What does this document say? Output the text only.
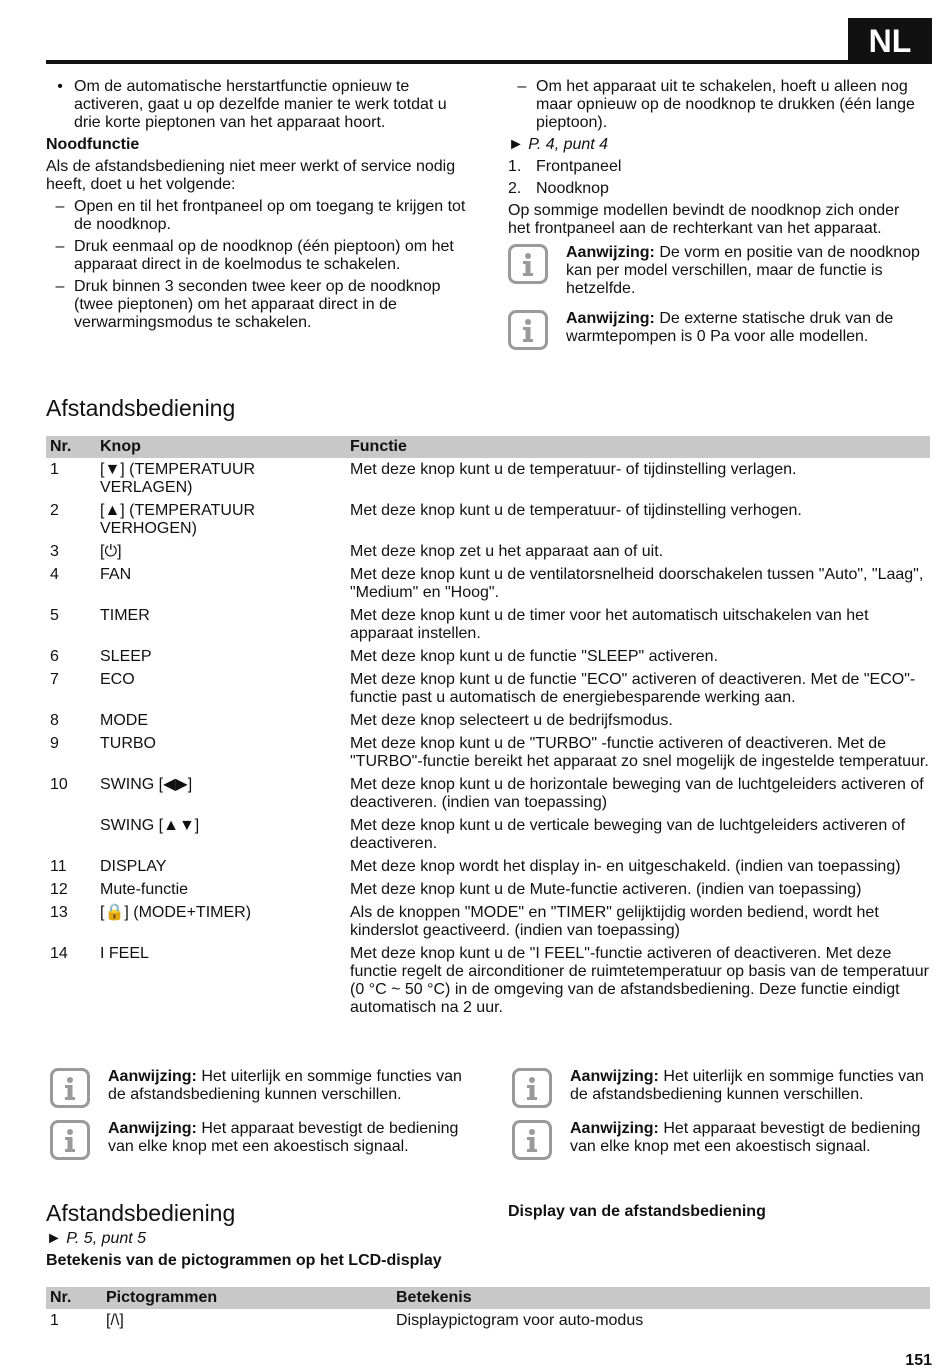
NL
• Om de automatische herstartfunctie opnieuw te activeren, gaat u op dezelfde manier te werk totdat u drie korte pieptonen van het apparaat hoort.
Noodfunctie
Als de afstandsbediening niet meer werkt of service nodig heeft, doet u het volgende:
– Open en til het frontpaneel op om toegang te krijgen tot de noodknop.
– Druk eenmaal op de noodknop (één pieptoon) om het apparaat direct in de koelmodus te schakelen.
– Druk binnen 3 seconden twee keer op de noodknop (twee pieptonen) om het apparaat direct in de verwarmingsmodus te schakelen.
– Om het apparaat uit te schakelen, hoeft u alleen nog maar opnieuw op de noodknop te drukken (één lange pieptoon).
► P. 4, punt 4
1. Frontpaneel
2. Noodknop
Op sommige modellen bevindt de noodknop zich onder het frontpaneel aan de rechterkant van het apparaat.
Aanwijzing: De vorm en positie van de noodknop kan per model verschillen, maar de functie is hetzelfde.
Aanwijzing: De externe statische druk van de warmtepompen is 0 Pa voor alle modellen.
Afstandsbediening
Nr.	Knop	Functie
1	[▼] (TEMPERATUUR VERLAGEN)	Met deze knop kunt u de temperatuur- of tijdinstelling verlagen.
2	[▲] (TEMPERATUUR VERHOGEN)	Met deze knop kunt u de temperatuur- of tijdinstelling verhogen.
3	[⏻]	Met deze knop zet u het apparaat aan of uit.
4	FAN	Met deze knop kunt u de ventilatorsnelheid doorschakelen tussen "Auto", "Laag", "Medium" en "Hoog".
5	TIMER	Met deze knop kunt u de timer voor het automatisch uitschakelen van het apparaat instellen.
6	SLEEP	Met deze knop kunt u de functie "SLEEP" activeren.
7	ECO	Met deze knop kunt u de functie "ECO" activeren of deactiveren. Met de "ECO"-functie past u automatisch de energiebesparende werking aan.
8	MODE	Met deze knop selecteert u de bedrijfsmodus.
9	TURBO	Met deze knop kunt u de "TURBO" -functie activeren of deactiveren. Met de "TURBO"-functie bereikt het apparaat zo snel mogelijk de ingestelde temperatuur.
10	SWING [◀▶]	Met deze knop kunt u de horizontale beweging van de luchtgeleiders activeren of deactiveren. (indien van toepassing)
	SWING [▲▼]	Met deze knop kunt u de verticale beweging van de luchtgeleiders activeren of deactiveren.
11	DISPLAY	Met deze knop wordt het display in- en uitgeschakeld. (indien van toepassing)
12	Mute-functie	Met deze knop kunt u de Mute-functie activeren. (indien van toepassing)
13	[🔒] (MODE+TIMER)	Als de knoppen "MODE" en "TIMER" gelijktijdig worden bediend, wordt het kinderslot geactiveerd. (indien van toepassing)
14	I FEEL	Met deze knop kunt u de "I FEEL"-functie activeren of deactiveren. Met deze functie regelt de airconditioner de ruimtetemperatuur op basis van de temperatuur (0 °C ~ 50 °C) in de omgeving van de afstandsbediening. Deze functie eindigt automatisch na 2 uur.
Aanwijzing: Het uiterlijk en sommige functies van de afstandsbediening kunnen verschillen.
Aanwijzing: Het apparaat bevestigt de bediening van elke knop met een akoestisch signaal.
Aanwijzing: Het uiterlijk en sommige functies van de afstandsbediening kunnen verschillen.
Aanwijzing: Het apparaat bevestigt de bediening van elke knop met een akoestisch signaal.
Afstandsbediening
► P. 5, punt 5
Betekenis van de pictogrammen op het LCD-display
Display van de afstandsbediening
Nr.	Pictogrammen	Betekenis
1	[/\]	Displaypictogram voor auto-modus
151
